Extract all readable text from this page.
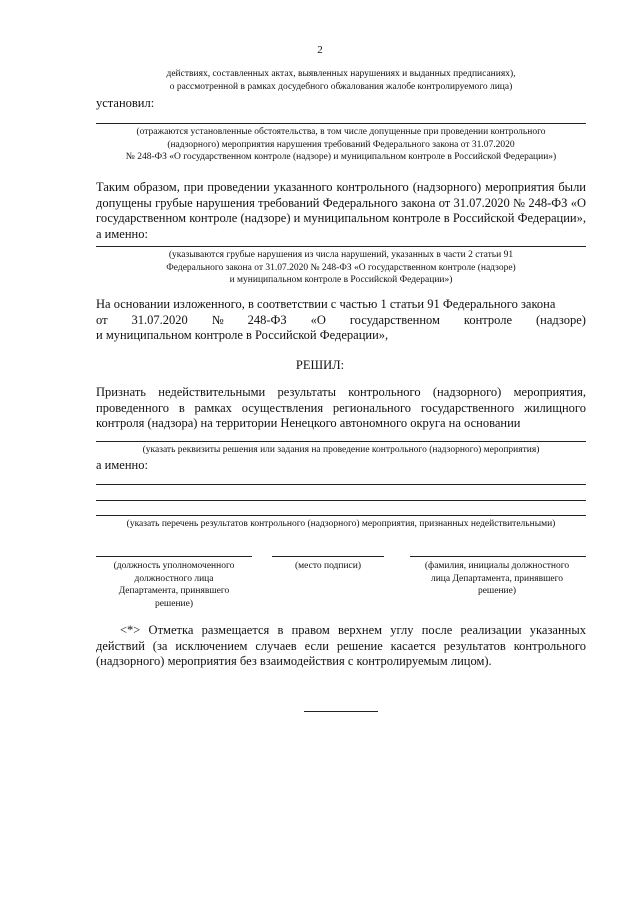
2
действиях, составленных актах, выявленных нарушениях и выданных предписаниях),
о рассмотренной в рамках досудебного обжалования жалобе контролируемого лица)
установил:
(отражаются установленные обстоятельства, в том числе допущенные при проведении контрольного
(надзорного) мероприятия нарушения требований Федерального закона от 31.07.2020
№ 248-ФЗ «О государственном контроле (надзоре) и муниципальном контроле в Российской Федерации»)
Таким образом, при проведении указанного контрольного (надзорного) мероприятия были допущены грубые нарушения требований Федерального закона от 31.07.2020 № 248-ФЗ «О государственном контроле (надзоре) и муниципальном контроле в Российской Федерации», а именно:
(указываются грубые нарушения из числа нарушений, указанных в части 2 статьи 91
Федерального закона от 31.07.2020 № 248-ФЗ «О государственном контроле (надзоре)
и муниципальном контроле в Российской Федерации»)
На основании изложенного, в соответствии с частью 1 статьи 91 Федерального закона
от 31.07.2020 № 248-ФЗ «О государственном контроле (надзоре)
и муниципальном контроле в Российской Федерации»,
РЕШИЛ:
Признать недействительными результаты контрольного (надзорного) мероприятия, проведенного в рамках осуществления регионального государственного жилищного контроля (надзора) на территории Ненецкого автономного округа на основании
(указать реквизиты решения или задания на проведение контрольного (надзорного) мероприятия)
а именно:
(указать перечень результатов контрольного (надзорного) мероприятия, признанных недействительными)
(должность уполномоченного
должностного лица
Департамента, принявшего
решение)
(место подписи)	(фамилия, инициалы должностного
лица Департамента, принявшего
решение)
<*> Отметка размещается в правом верхнем углу после реализации указанных действий (за исключением случаев если решение касается результатов контрольного (надзорного) мероприятия без взаимодействия с контролируемым лицом).
